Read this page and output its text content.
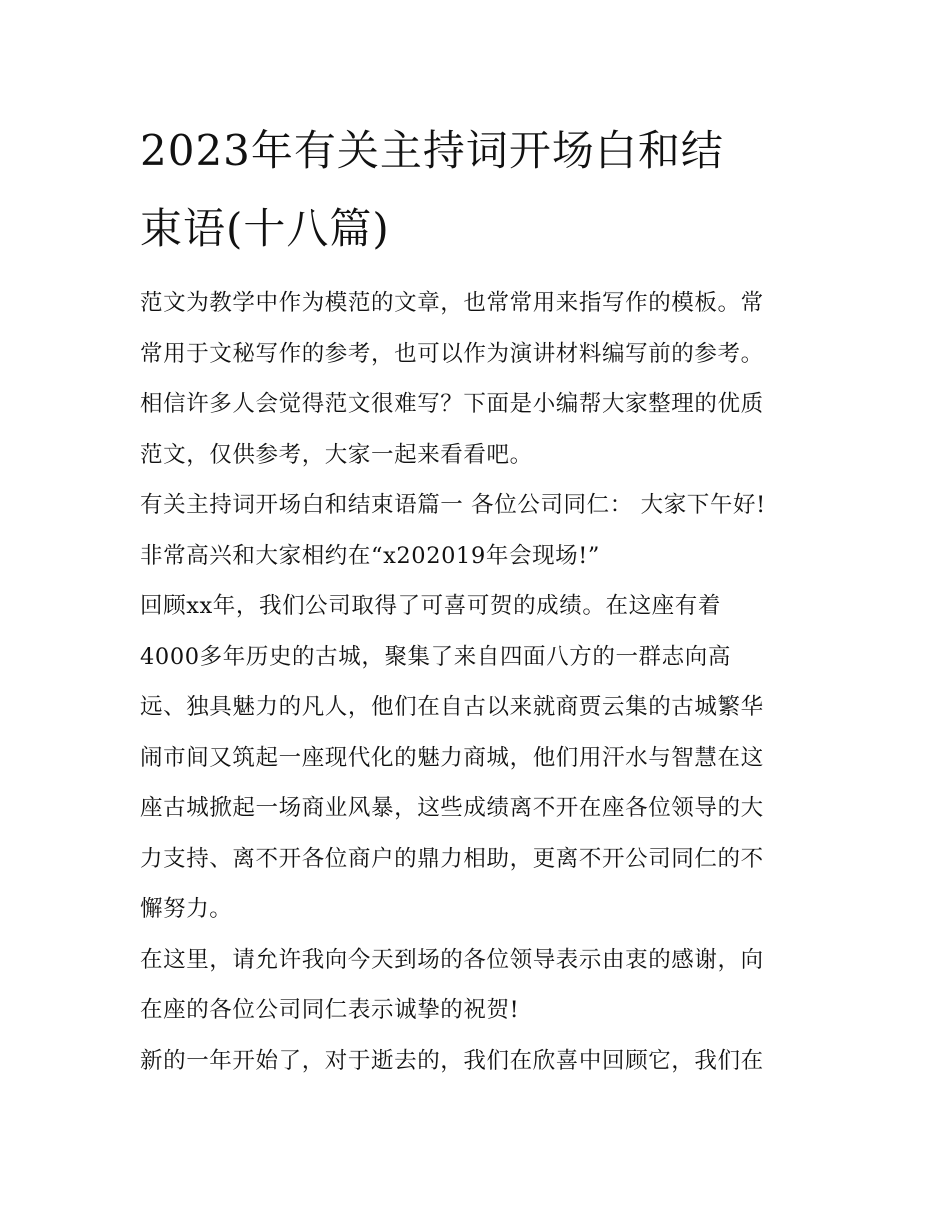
2023年有关主持词开场白和结
束语(十八篇)

范文为教学中作为模范的文章，也常常用来指写作的模板。常
常用于文秘写作的参考，也可以作为演讲材料编写前的参考。
相信许多人会觉得范文很难写？下面是小编帮大家整理的优质
范文，仅供参考，大家一起来看看吧。

有关主持词开场白和结束语篇一 各位公司同仁： 大家下午好!
非常高兴和大家相约在“x202019年会现场!”

回顾xx年，我们公司取得了可喜可贺的成绩。在这座有着
4000多年历史的古城，聚集了来自四面八方的一群志向高
远、独具魅力的凡人，他们在自古以来就商贾云集的古城繁华
闹市间又筑起一座现代化的魅力商城，他们用汗水与智慧在这
座古城掀起一场商业风暴，这些成绩离不开在座各位领导的大
力支持、离不开各位商户的鼎力相助，更离不开公司同仁的不
懈努力。

在这里，请允许我向今天到场的各位领导表示由衷的感谢，向
在座的各位公司同仁表示诚挚的祝贺!

新的一年开始了，对于逝去的，我们在欣喜中回顾它，我们在
